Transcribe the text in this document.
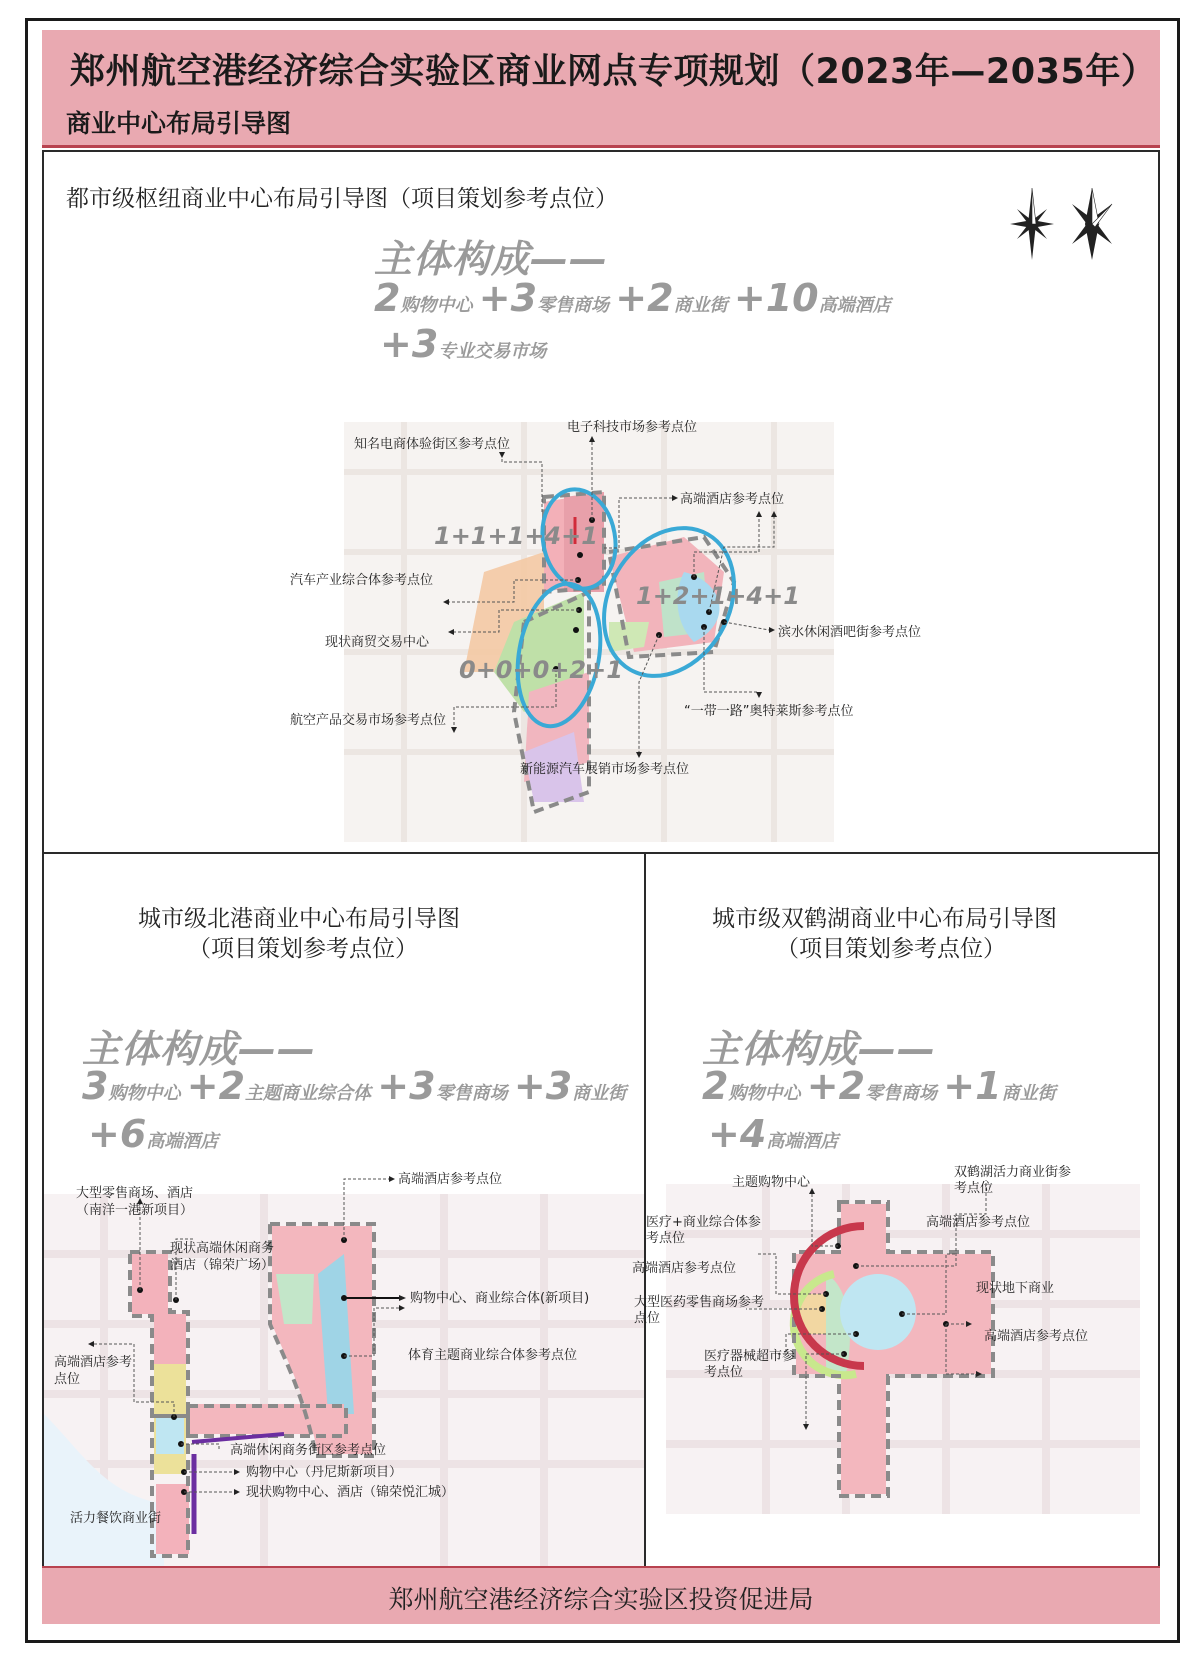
郑州航空港经济综合实验区商业网点专项规划（2023年—2035年）
商业中心布局引导图
都市级枢纽商业中心布局引导图（项目策划参考点位）
主体构成——
2购物中心 +3零售商场 +2商业街 +10高端酒店
+3专业交易市场
1+1+1+4+1
1+2+1+4+1
0+0+0+2+1
知名电商体验街区参考点位
电子科技市场参考点位
高端酒店参考点位
汽车产业综合体参考点位
现状商贸交易中心
滨水休闲酒吧街参考点位
航空产品交易市场参考点位
“一带一路”奥特莱斯参考点位
新能源汽车展销市场参考点位
城市级北港商业中心布局引导图
（项目策划参考点位）
主体构成——
3购物中心 +2主题商业综合体 +3零售商场 +3商业街
+6高端酒店
大型零售商场、酒店
（南洋一港新项目）
现状高端休闲商务
酒店（锦荣广场）
高端酒店参考点位
购物中心、商业综合体(新项目)
体育主题商业综合体参考点位
高端酒店参考
点位
高端休闲商务街区参考点位
购物中心（丹尼斯新项目）
现状购物中心、酒店（锦荣悦汇城）
活力餐饮商业街
城市级双鹤湖商业中心布局引导图
（项目策划参考点位）
主体构成——
2购物中心 +2零售商场 +1商业街
+4高端酒店
主题购物中心
双鹤湖活力商业街参
考点位
医疗+商业综合体参
考点位
高端酒店参考点位
高端酒店参考点位
现状地下商业
大型医药零售商场参考
点位
高端酒店参考点位
医疗器械超市参
考点位
郑州航空港经济综合实验区投资促进局
